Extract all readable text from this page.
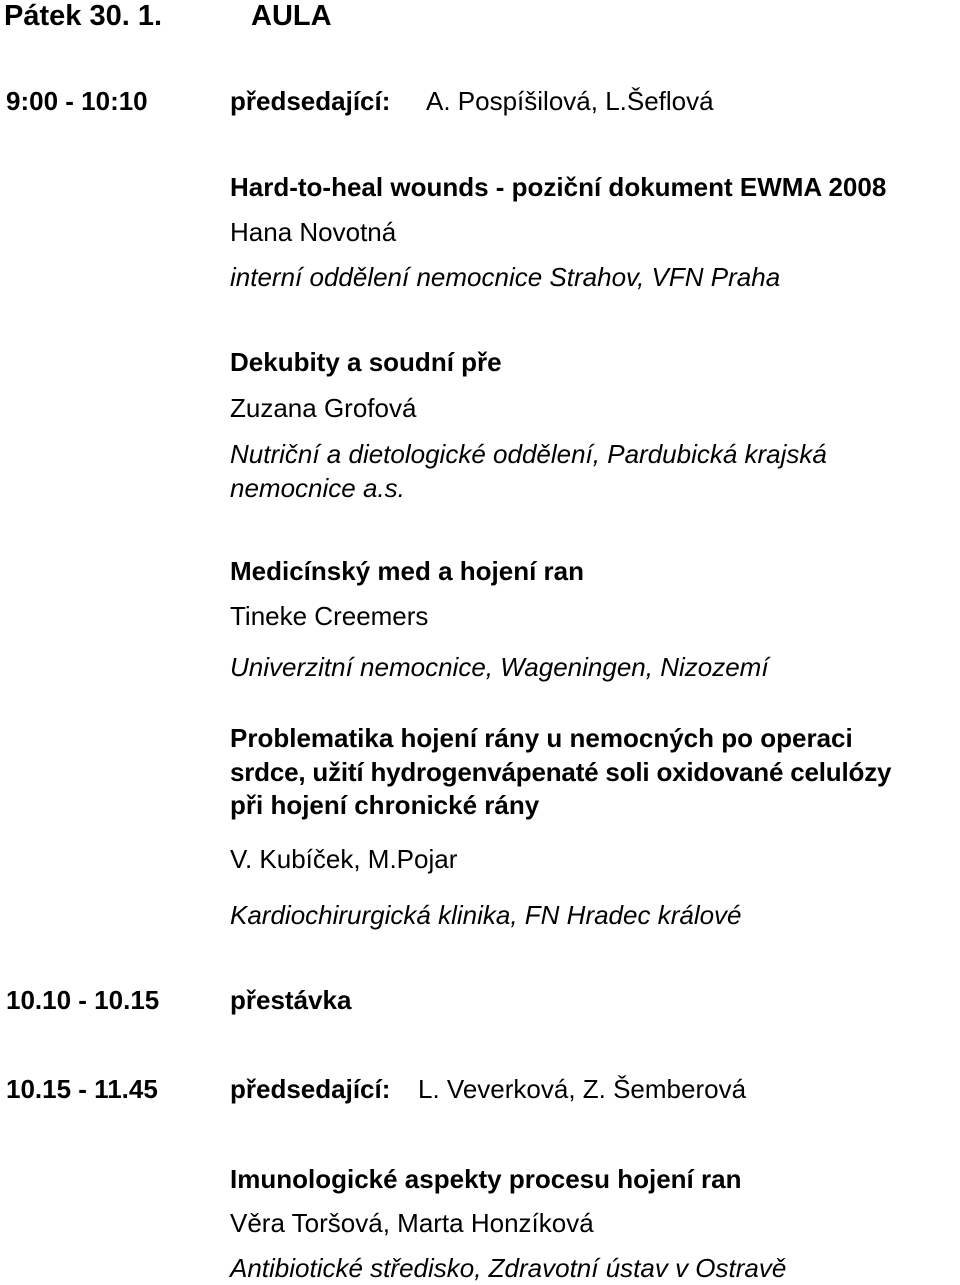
Pátek 30. 1.	AULA
9:00 - 10:10	předsedající: A. Pospíšilová, L.Šeflová
Hard-to-heal wounds - poziční dokument EWMA 2008
Hana Novotná
interní oddělení nemocnice Strahov, VFN Praha
Dekubity a soudní pře
Zuzana Grofová
Nutriční a dietologické oddělení, Pardubická krajská
nemocnice a.s.
Medicínský med a hojení ran
Tineke Creemers
Univerzitní nemocnice, Wageningen, Nizozemí
Problematika hojení rány u nemocných po operaci
srdce, užití hydrogenvápenaté soli oxidované celulózy
při hojení chronické rány
V. Kubíček, M.Pojar
Kardiochirurgická klinika, FN Hradec králové
10.10 - 10.15	přestávka
10.15 - 11.45	předsedající: L. Veverková, Z. Šemberová
Imunologické aspekty procesu hojení ran
Věra Toršová, Marta Honzíková
Antibiotické středisko, Zdravotní ústav v Ostravě
